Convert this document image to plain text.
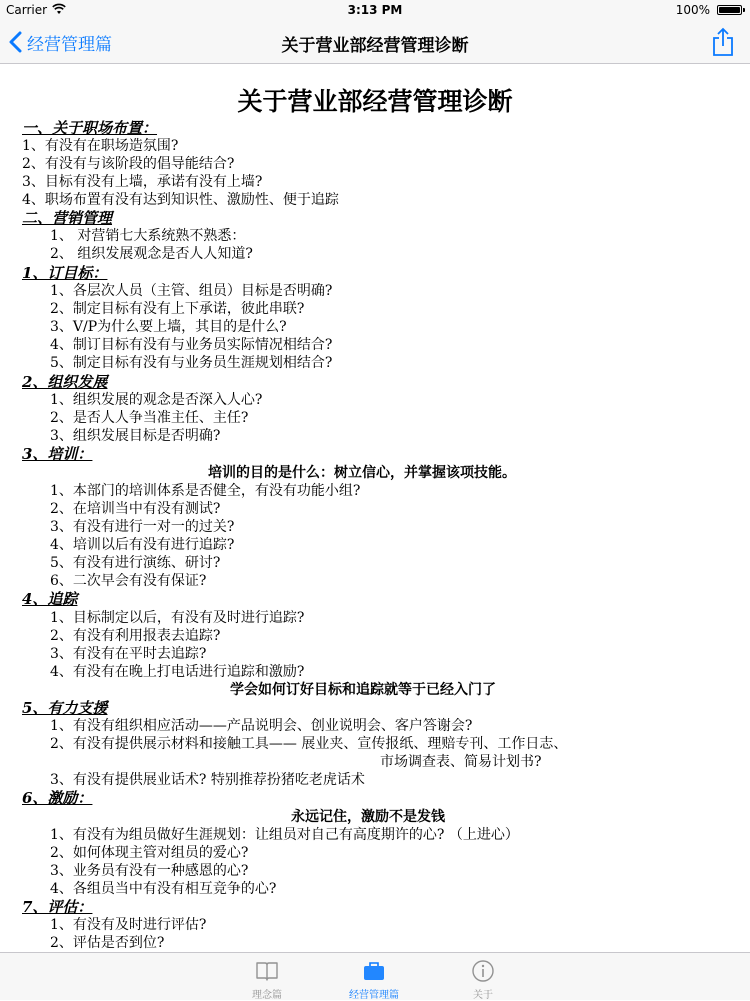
Carrier	3:13 PM	100%
经营管理篇	关于营业部经营管理诊断
关于营业部经营管理诊断
一、关于职场布置：
1、有没有在职场造氛围?
2、有没有与该阶段的倡导能结合?
3、目标有没有上墙，承诺有没有上墙?
4、职场布置有没有达到知识性、激励性、便于追踪
二、营销管理
1、 对营销七大系统熟不熟悉：
2、 组织发展观念是否人人知道?
1、订目标：
1、各层次人员（主管、组员）目标是否明确?
2、制定目标有没有上下承诺，彼此串联?
3、V/P为什么要上墙，其目的是什么?
4、制订目标有没有与业务员实际情况相结合?
5、制定目标有没有与业务员生涯规划相结合?
2、组织发展
1、组织发展的观念是否深入人心?
2、是否人人争当准主任、主任?
3、组织发展目标是否明确?
3、培训：
培训的目的是什么：树立信心，并掌握该项技能。
1、本部门的培训体系是否健全，有没有功能小组?
2、在培训当中有没有测试?
3、有没有进行一对一的过关?
4、培训以后有没有进行追踪?
5、有没有进行演练、研讨?
6、二次早会有没有保证?
4、追踪
1、目标制定以后，有没有及时进行追踪?
2、有没有利用报表去追踪?
3、有没有在平时去追踪?
4、有没有在晚上打电话进行追踪和激励?
学会如何订好目标和追踪就等于已经入门了
5、有力支援
1、有没有组织相应活动——产品说明会、创业说明会、客户答谢会?
2、有没有提供展示材料和接触工具—— 展业夹、宣传报纸、理赔专刊、工作日志、
市场调查表、简易计划书?
3、有没有提供展业话术? 特别推荐扮猪吃老虎话术
6、激励：
永远记住，激励不是发钱
1、有没有为组员做好生涯规划：让组员对自己有高度期许的心? （上进心）
2、如何体现主管对组员的爱心?
3、业务员有没有一种感恩的心?
4、各组员当中有没有相互竞争的心?
7、评估：
1、有没有及时进行评估?
2、评估是否到位?
理念篇	经营管理篇	关于
